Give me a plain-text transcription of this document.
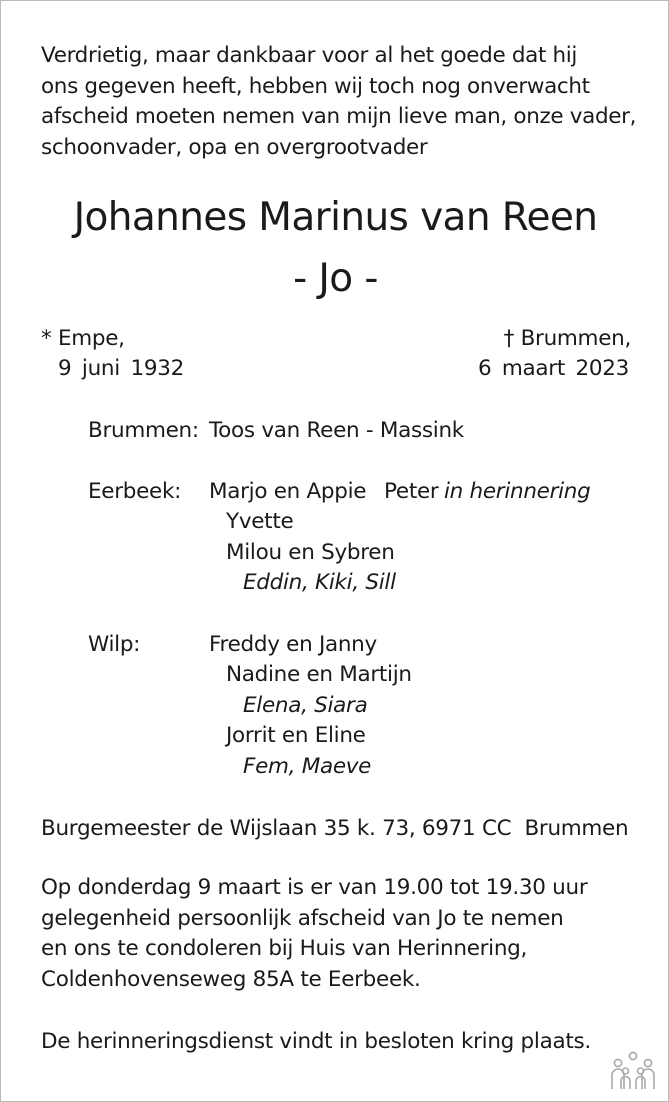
Verdrietig, maar dankbaar voor al het goede dat hij
ons gegeven heeft, hebben wij toch nog onverwacht
afscheid moeten nemen van mijn lieve man, onze vader,
schoonvader, opa en overgrootvader
Johannes Marinus van Reen
- Jo -
* Empe,
9 juni 1932
† Brummen,
6 maart 2023
Brummen: Toos van Reen - Massink
Eerbeek: Marjo en Appie Peter in herinnering
Yvette
Milou en Sybren
Eddin, Kiki, Sill
Wilp:	Freddy en Janny
Nadine en Martijn
Elena, Siara
Jorrit en Eline
Fem, Maeve
Burgemeester de Wijslaan 35 k. 73, 6971 CC  Brummen
Op donderdag 9 maart is er van 19.00 tot 19.30 uur
gelegenheid persoonlijk afscheid van Jo te nemen
en ons te condoleren bij Huis van Herinnering,
Coldenhovenseweg 85A te Eerbeek.
De herinneringsdienst vindt in besloten kring plaats.
